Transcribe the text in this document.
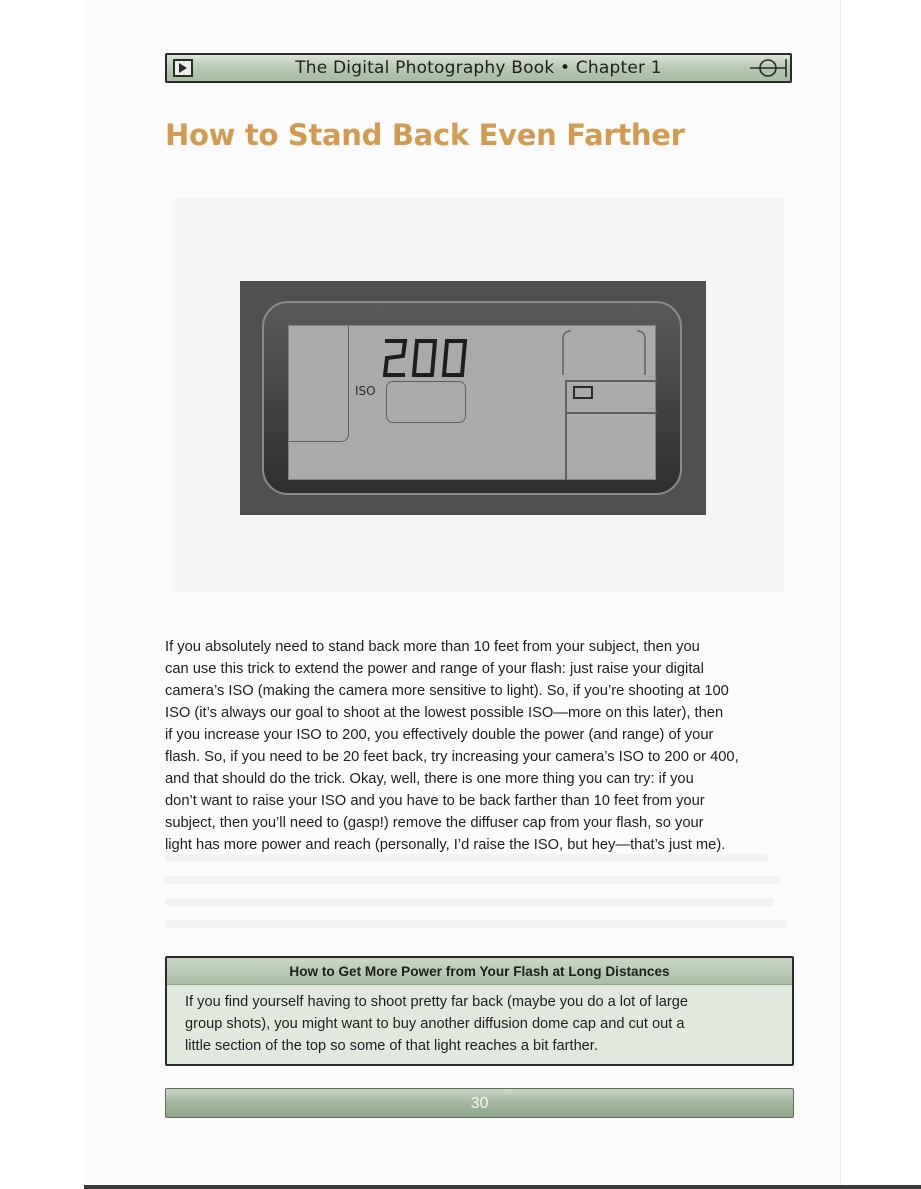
The Digital Photography Book • Chapter 1
How to Stand Back Even Farther
ISO

If you absolutely need to stand back more than 10 feet from your subject, then you
can use this trick to extend the power and range of your flash: just raise your digital
camera’s ISO (making the camera more sensitive to light). So, if you’re shooting at 100
ISO (it’s always our goal to shoot at the lowest possible ISO—more on this later), then
if you increase your ISO to 200, you effectively double the power (and range) of your
flash. So, if you need to be 20 feet back, try increasing your camera’s ISO to 200 or 400,
and that should do the trick. Okay, well, there is one more thing you can try: if you
don’t want to raise your ISO and you have to be back farther than 10 feet from your
subject, then you’ll need to (gasp!) remove the diffuser cap from your flash, so your
light has more power and reach (personally, I’d raise the ISO, but hey—that’s just me).

How to Get More Power from Your Flash at Long Distances

If you find yourself having to shoot pretty far back (maybe you do a lot of large
group shots), you might want to buy another diffusion dome cap and cut out a
little section of the top so some of that light reaches a bit farther.

30
